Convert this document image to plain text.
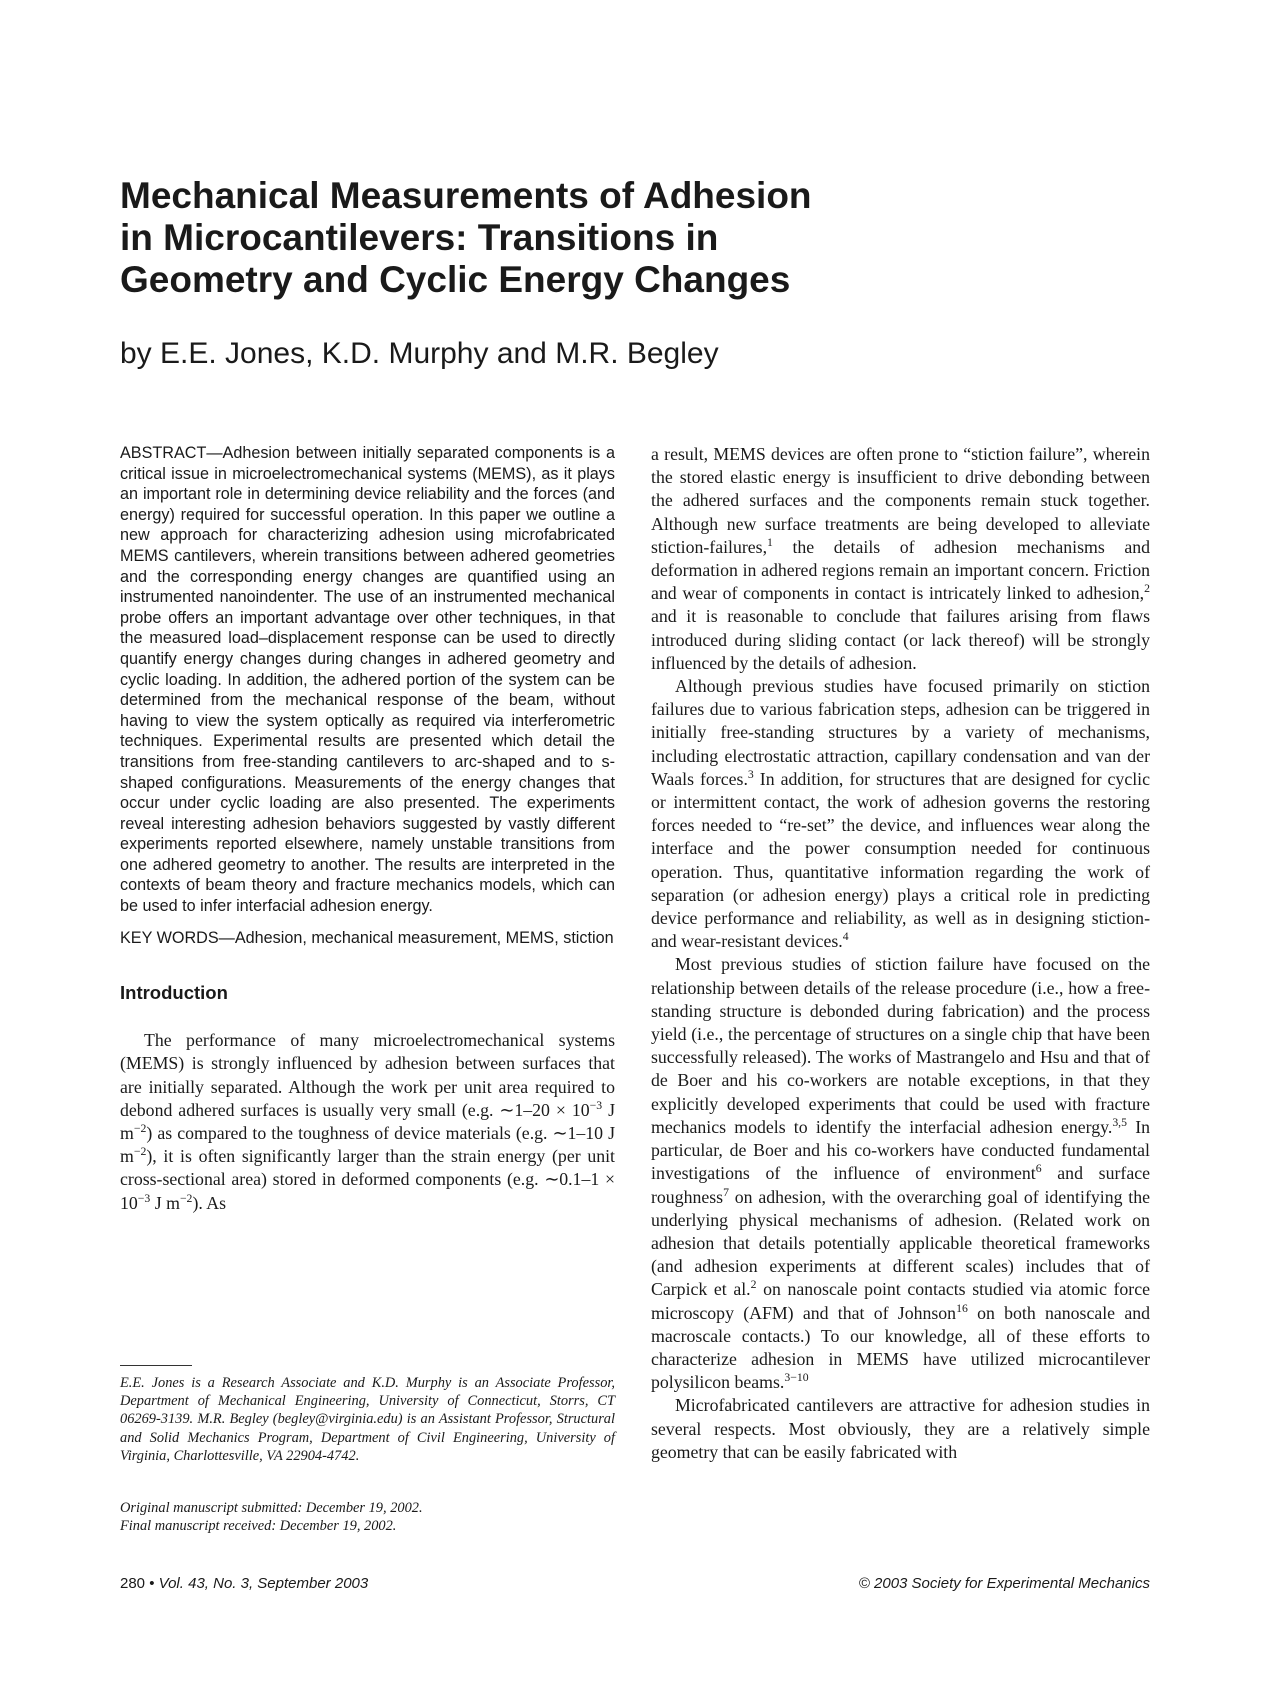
Mechanical Measurements of Adhesion
in Microcantilevers: Transitions in
Geometry and Cyclic Energy Changes

by E.E. Jones, K.D. Murphy and M.R. Begley

ABSTRACT—Adhesion between initially separated components is a critical issue in microelectromechanical systems (MEMS), as it plays an important role in determining device reliability and the forces (and energy) required for successful operation. In this paper we outline a new approach for characterizing adhesion using microfabricated MEMS cantilevers, wherein transitions between adhered geometries and the corresponding energy changes are quantified using an instrumented nanoindenter. The use of an instrumented mechanical probe offers an important advantage over other techniques, in that the measured load–displacement response can be used to directly quantify energy changes during changes in adhered geometry and cyclic loading. In addition, the adhered portion of the system can be determined from the mechanical response of the beam, without having to view the system optically as required via interferometric techniques. Experimental results are presented which detail the transitions from free-standing cantilevers to arc-shaped and to s-shaped configurations. Measurements of the energy changes that occur under cyclic loading are also presented. The experiments reveal interesting adhesion behaviors suggested by vastly different experiments reported elsewhere, namely unstable transitions from one adhered geometry to another. The results are interpreted in the contexts of beam theory and fracture mechanics models, which can be used to infer interfacial adhesion energy.

KEY WORDS—Adhesion, mechanical measurement, MEMS, stiction

Introduction

The performance of many microelectromechanical systems (MEMS) is strongly influenced by adhesion between surfaces that are initially separated. Although the work per unit area required to debond adhered surfaces is usually very small (e.g. ∼1–20 × $10^{-3}$ J $m^{-2}$) as compared to the toughness of device materials (e.g. ∼1–10 J $m^{-2}$), it is often significantly larger than the strain energy (per unit cross-sectional area) stored in deformed components (e.g. ∼0.1–1 × $10^{-3}$ J $m^{-2}$). As

E.E. Jones is a Research Associate and K.D. Murphy is an Associate Professor, Department of Mechanical Engineering, University of Connecticut, Storrs, CT 06269-3139. M.R. Begley (begley@virginia.edu) is an Assistant Professor, Structural and Solid Mechanics Program, Department of Civil Engineering, University of Virginia, Charlottesville, VA 22904-4742.

Original manuscript submitted: December 19, 2002.
Final manuscript received: December 19, 2002.

a result, MEMS devices are often prone to “stiction failure”, wherein the stored elastic energy is insufficient to drive debonding between the adhered surfaces and the components remain stuck together. Although new surface treatments are being developed to alleviate stiction-failures,$^1$ the details of adhesion mechanisms and deformation in adhered regions remain an important concern. Friction and wear of components in contact is intricately linked to adhesion,$^2$ and it is reasonable to conclude that failures arising from flaws introduced during sliding contact (or lack thereof) will be strongly influenced by the details of adhesion.

Although previous studies have focused primarily on stiction failures due to various fabrication steps, adhesion can be triggered in initially free-standing structures by a variety of mechanisms, including electrostatic attraction, capillary condensation and van der Waals forces.$^3$ In addition, for structures that are designed for cyclic or intermittent contact, the work of adhesion governs the restoring forces needed to “re-set” the device, and influences wear along the interface and the power consumption needed for continuous operation. Thus, quantitative information regarding the work of separation (or adhesion energy) plays a critical role in predicting device performance and reliability, as well as in designing stiction- and wear-resistant devices.$^4$

Most previous studies of stiction failure have focused on the relationship between details of the release procedure (i.e., how a free-standing structure is debonded during fabrication) and the process yield (i.e., the percentage of structures on a single chip that have been successfully released). The works of Mastrangelo and Hsu and that of de Boer and his co-workers are notable exceptions, in that they explicitly developed experiments that could be used with fracture mechanics models to identify the interfacial adhesion energy.$^{3,5}$ In particular, de Boer and his co-workers have conducted fundamental investigations of the influence of environment$^6$ and surface roughness$^7$ on adhesion, with the overarching goal of identifying the underlying physical mechanisms of adhesion. (Related work on adhesion that details potentially applicable theoretical frameworks (and adhesion experiments at different scales) includes that of Carpick et al.$^2$ on nanoscale point contacts studied via atomic force microscopy (AFM) and that of Johnson$^{16}$ on both nanoscale and macroscale contacts.) To our knowledge, all of these efforts to characterize adhesion in MEMS have utilized microcantilever polysilicon beams.$^{3-10}$

Microfabricated cantilevers are attractive for adhesion studies in several respects. Most obviously, they are a relatively simple geometry that can be easily fabricated with

280 • Vol. 43, No. 3, September 2003	© 2003 Society for Experimental Mechanics
